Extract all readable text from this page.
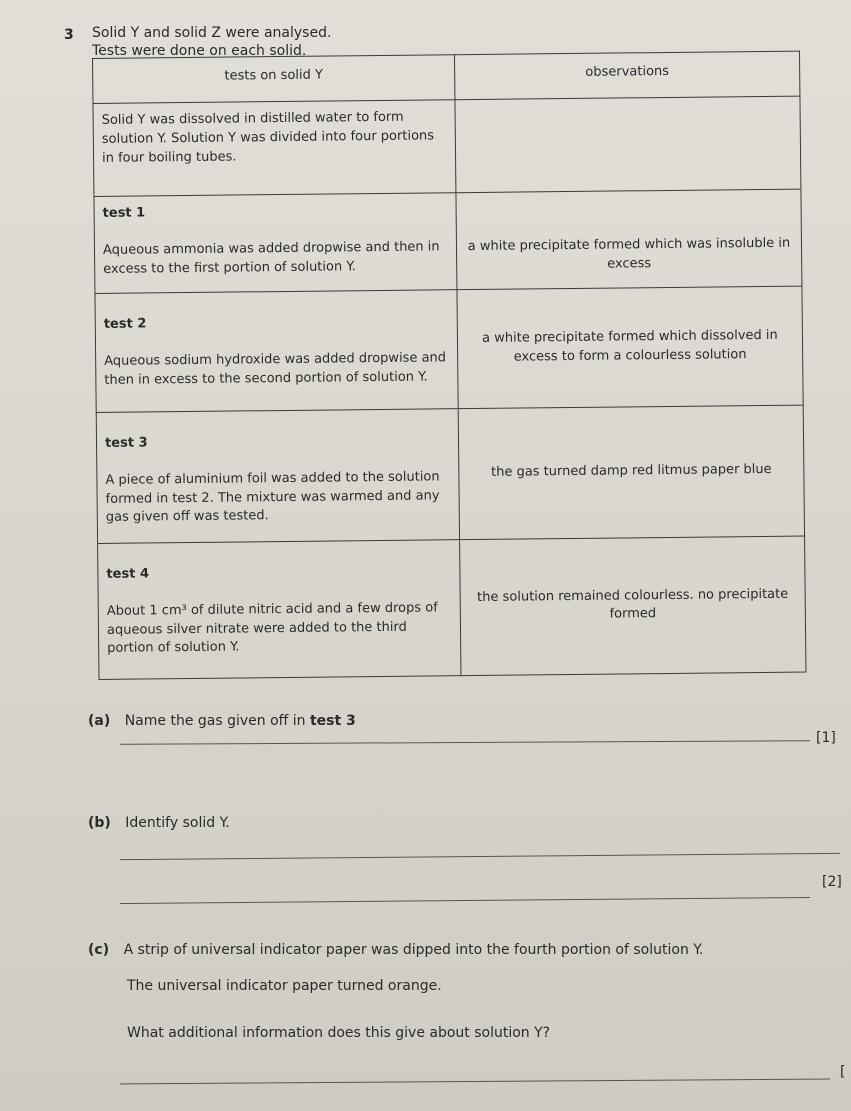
3 Solid Y and solid Z were analysed.
Tests were done on each solid.
tests on solid Y	observations

Solid Y was dissolved in distilled water to form solution Y. Solution Y was divided into four portions in four boiling tubes.	

test 1
Aqueous ammonia was added dropwise and then in excess to the first portion of solution Y.	a white precipitate formed which was insoluble in excess

test 2
Aqueous sodium hydroxide was added dropwise and then in excess to the second portion of solution Y.	a white precipitate formed which dissolved in excess to form a colourless solution

test 3
A piece of aluminium foil was added to the solution formed in test 2. The mixture was warmed and any gas given off was tested.	the gas turned damp red litmus paper blue

test 4
About 1 cm³ of dilute nitric acid and a few drops of aqueous silver nitrate were added to the third portion of solution Y.	the solution remained colourless. no precipitate formed
(a) Name the gas given off in test 3
[1]
(b) Identify solid Y.
[2]
(c) A strip of universal indicator paper was dipped into the fourth portion of solution Y.
The universal indicator paper turned orange.
What additional information does this give about solution Y?
[
